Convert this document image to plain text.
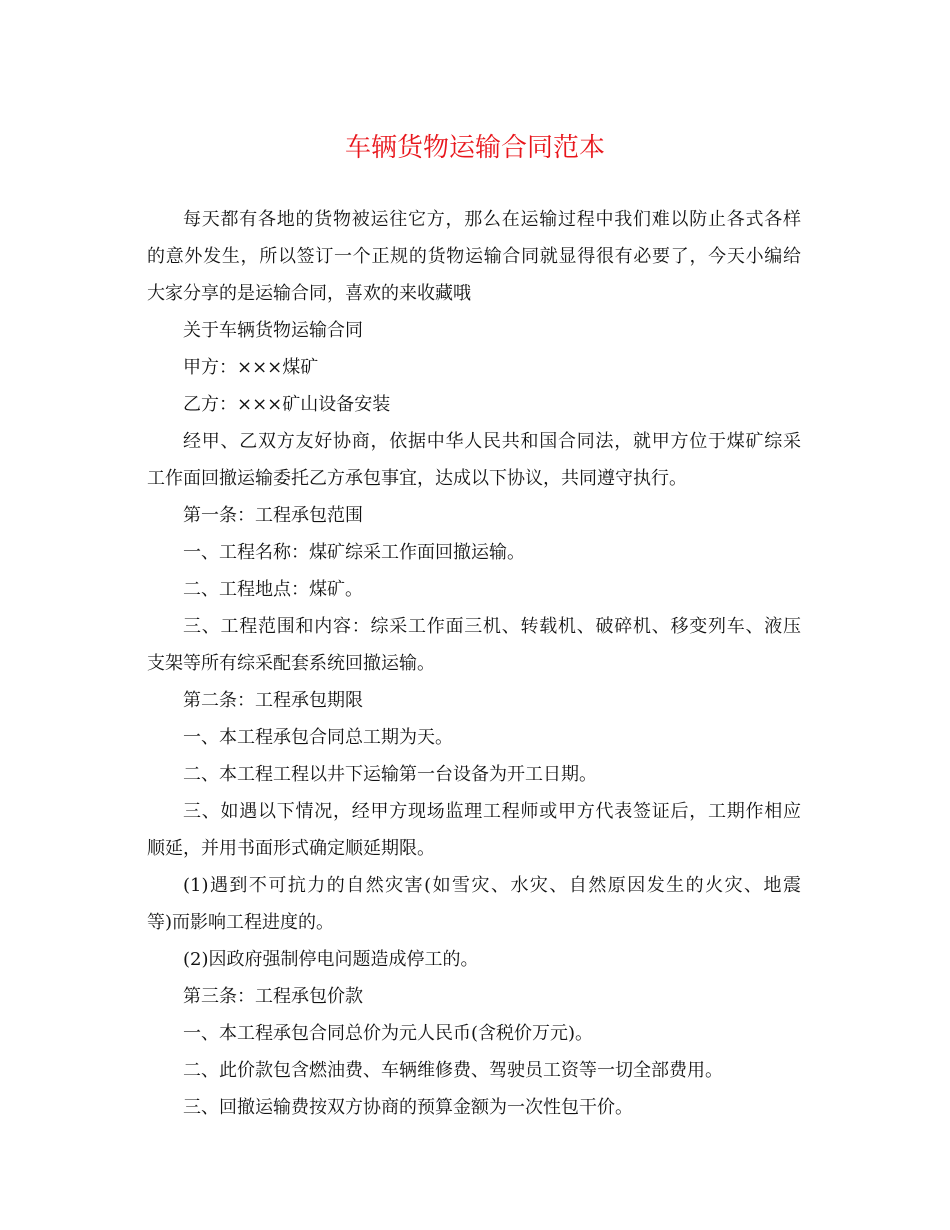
车辆货物运输合同范本
每天都有各地的货物被运往它方，那么在运输过程中我们难以防止各式各样
的意外发生，所以签订一个正规的货物运输合同就显得很有必要了，今天小编给
大家分享的是运输合同，喜欢的来收藏哦
关于车辆货物运输合同
甲方：×××煤矿
乙方：×××矿山设备安装
经甲、乙双方友好协商，依据中华人民共和国合同法，就甲方位于煤矿综采
工作面回撤运输委托乙方承包事宜，达成以下协议，共同遵守执行。
第一条：工程承包范围
一、工程名称：煤矿综采工作面回撤运输。
二、工程地点：煤矿。
三、工程范围和内容：综采工作面三机、转载机、破碎机、移变列车、液压
支架等所有综采配套系统回撤运输。
第二条：工程承包期限
一、本工程承包合同总工期为天。
二、本工程工程以井下运输第一台设备为开工日期。
三、如遇以下情况，经甲方现场监理工程师或甲方代表签证后，工期作相应
顺延，并用书面形式确定顺延期限。
(1)遇到不可抗力的自然灾害(如雪灾、水灾、自然原因发生的火灾、地震
等)而影响工程进度的。
(2)因政府强制停电问题造成停工的。
第三条：工程承包价款
一、本工程承包合同总价为元人民币(含税价万元)。
二、此价款包含燃油费、车辆维修费、驾驶员工资等一切全部费用。
三、回撤运输费按双方协商的预算金额为一次性包干价。
